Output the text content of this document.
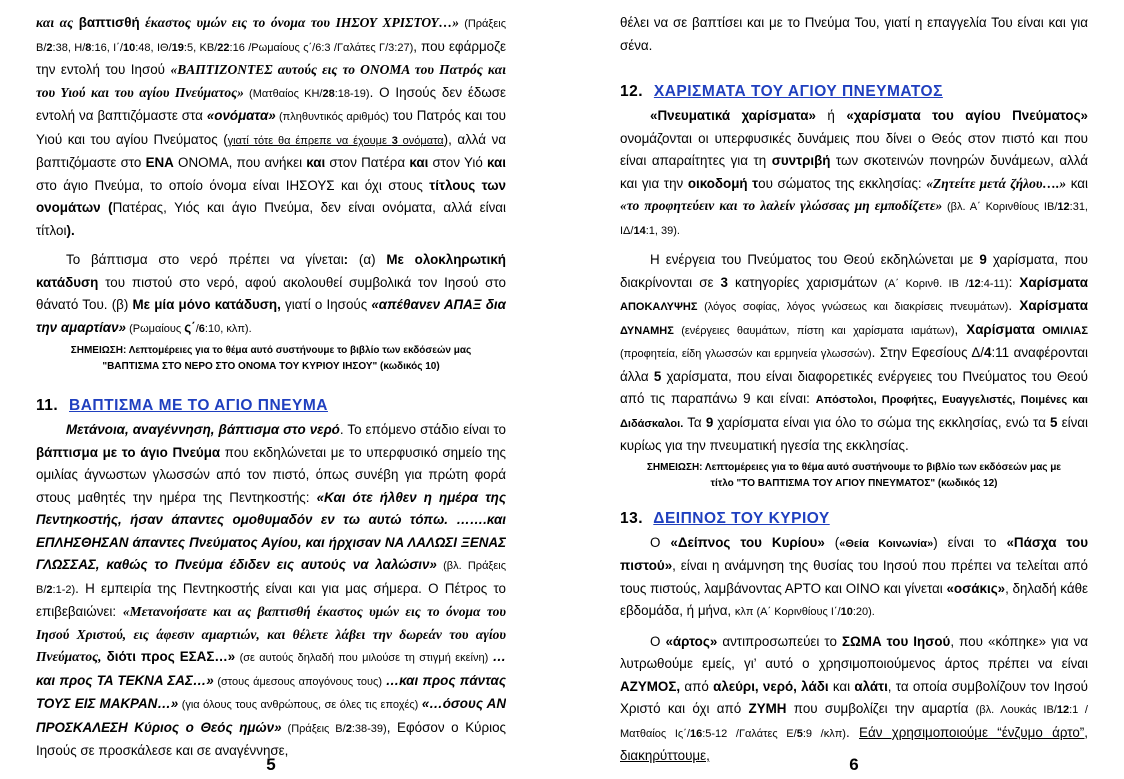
και ας βαπτισθή έκαστος υμών εις το όνομα του ΙΗΣΟΥ ΧΡΙΣΤΟΥ…» (Πράξεις Β/2:38, Η/8:16, Ι΄/10:48, ΙΘ/19:5, ΚΒ/22:16 /Ρωμαίους ς΄/6:3 /Γαλάτες Γ/3:27), που εφάρμοζε την εντολή του Ιησού «ΒΑΠΤΙΖΟΝΤΕΣ αυτούς εις το ΟΝΟΜΑ του Πατρός και του Υιού και του αγίου Πνεύματος» (Ματθαίος ΚΗ/28:18-19). Ο Ιησούς δεν έδωσε εντολή να βαπτιζόμαστε στα «ονόματα» (πληθυντικός αριθμός) του Πατρός και του Υιού και του αγίου Πνεύματος (γιατί τότε θα έπρεπε να έχουμε 3 ονόματα), αλλά να βαπτιζόμαστε στο ΕΝΑ ΟΝΟΜΑ, που ανήκει και στον Πατέρα και στον Υιό και στο άγιο Πνεύμα, το οποίο όνομα είναι ΙΗΣΟΥΣ και όχι στους τίτλους των ονομάτων (Πατέρας, Υιός και άγιο Πνεύμα, δεν είναι ονόματα, αλλά είναι τίτλοι).

Το βάπτισμα στο νερό πρέπει να γίνεται: (α) Με ολοκληρωτική κατάδυση του πιστού στο νερό, αφού ακολουθεί συμβολικά τον Ιησού στο θάνατό Του. (β) Με μία μόνο κατάδυση, γιατί ο Ιησούς «απέθανεν ΑΠΑΞ δια την αμαρτίαν» (Ρωμαίους ς΄/6:10, κλπ).

ΣΗΜΕΙΩΣΗ: Λεπτομέρειες για το θέμα αυτό συστήνουμε το βιβλίο των εκδόσεών μας "ΒΑΠΤΙΣΜΑ ΣΤΟ ΝΕΡΟ ΣΤΟ ΟΝΟΜΑ ΤΟΥ ΚΥΡΙΟΥ ΙΗΣΟΥ" (κωδικός 10)

11. ΒΑΠΤΙΣΜΑ ΜΕ ΤΟ ΑΓΙΟ ΠΝΕΥΜΑ

Μετάνοια, αναγέννηση, βάπτισμα στο νερό. Το επόμενο στάδιο είναι το βάπτισμα με το άγιο Πνεύμα που εκδηλώνεται με το υπερφυσικό σημείο της ομιλίας άγνωστων γλωσσών από τον πιστό, όπως συνέβη για πρώτη φορά στους μαθητές την ημέρα της Πεντηκοστής: «Και ότε ήλθεν η ημέρα της Πεντηκοστής, ήσαν άπαντες ομοθυμαδόν εν τω αυτώ τόπω. …….και ΕΠΛΗΣΘΗΣΑΝ άπαντες Πνεύματος Αγίου, και ήρχισαν ΝΑ ΛΑΛΩΣΙ ΞΕΝΑΣ ΓΛΩΣΣΑΣ, καθώς το Πνεύμα έδιδεν εις αυτούς να λαλώσιν» (βλ. Πράξεις Β/2:1-2). Η εμπειρία της Πεντηκοστής είναι και για μας σήμερα. Ο Πέτρος το επιβεβαιώνει: «Μετανοήσατε και ας βαπτισθή έκαστος υμών εις το όνομα του Ιησού Χριστού, εις άφεσιν αμαρτιών, και θέλετε λάβει την δωρεάν του αγίου Πνεύματος, διότι προς ΕΣΑΣ…» (σε αυτούς δηλαδή που μιλούσε τη στιγμή εκείνη) …και προς ΤΑ ΤΕΚΝΑ ΣΑΣ…» (στους άμεσους απογόνους τους) …και προς πάντας ΤΟΥΣ ΕΙΣ ΜΑΚΡΑΝ…» (για όλους τους ανθρώπους, σε όλες τις εποχές) «…όσους ΑΝ ΠΡΟΣΚΑΛΕΣΗ Κύριος ο Θεός ημών» (Πράξεις Β/2:38-39), Εφόσον ο Κύριος Ιησούς σε προσκάλεσε και σε αναγέννησε,

5

θέλει να σε βαπτίσει και με το Πνεύμα Του, γιατί η επαγγελία Του είναι και για σένα.

12. ΧΑΡΙΣΜΑΤΑ ΤΟΥ ΑΓΙΟΥ ΠΝΕΥΜΑΤΟΣ

«Πνευματικά χαρίσματα» ή «χαρίσματα του αγίου Πνεύματος» ονομάζονται οι υπερφυσικές δυνάμεις που δίνει ο Θεός στον πιστό και που είναι απαραίτητες για τη συντριβή των σκοτεινών πονηρών δυνάμεων, αλλά και για την οικοδομή του σώματος της εκκλησίας: «Ζητείτε μετά ζήλου….» και «το προφητεύειν και το λαλείν γλώσσας μη εμποδίζετε» (βλ. Α΄ Κορινθίους ΙΒ/12:31, ΙΔ/14:1, 39).

Η ενέργεια του Πνεύματος του Θεού εκδηλώνεται με 9 χαρίσματα, που διακρίνονται σε 3 κατηγορίες χαρισμάτων (Α΄ Κορινθ. ΙΒ /12:4-11): Χαρίσματα ΑΠΟΚΑΛΥΨΗΣ (λόγος σοφίας, λόγος γνώσεως και διακρίσεις πνευμάτων). Χαρίσματα ΔΥΝΑΜΗΣ (ενέργειες θαυμάτων, πίστη και χαρίσματα ιαμάτων), Χαρίσματα ΟΜΙΛΙΑΣ (προφητεία, είδη γλωσσών και ερμηνεία γλωσσών). Στην Εφεσίους Δ/4:11 αναφέρονται άλλα 5 χαρίσματα, που είναι διαφορετικές ενέργειες του Πνεύματος του Θεού από τις παραπάνω 9 και είναι: Απόστολοι, Προφήτες, Ευαγγελιστές, Ποιμένες και Διδάσκαλοι. Τα 9 χαρίσματα είναι για όλο το σώμα της εκκλησίας, ενώ τα 5 είναι κυρίως για την πνευματική ηγεσία της εκκλησίας.

ΣΗΜΕΙΩΣΗ: Λεπτομέρειες για το θέμα αυτό συστήνουμε το βιβλίο των εκδόσεών μας με τίτλο "ΤΟ ΒΑΠΤΙΣΜΑ ΤΟΥ ΑΓΙΟΥ ΠΝΕΥΜΑΤΟΣ" (κωδικός 12)

13. ΔΕΙΠΝΟΣ ΤΟΥ ΚΥΡΙΟΥ

Ο «Δείπνος του Κυρίου» («Θεία Κοινωνία») είναι το «Πάσχα του πιστού», είναι η ανάμνηση της θυσίας του Ιησού που πρέπει να τελείται από τους πιστούς, λαμβάνοντας ΑΡΤΟ και ΟΙΝΟ και γίνεται «οσάκις», δηλαδή κάθε εβδομάδα, ή μήνα, κλπ (Α΄ Κορινθίους Ι΄/10:20).

Ο «άρτος» αντιπροσωπεύει το ΣΩΜΑ του Ιησού, που «κόπηκε» για να λυτρωθούμε εμείς, γι’ αυτό ο χρησιμοποιούμενος άρτος πρέπει να είναι ΑΖΥΜΟΣ, από αλεύρι, νερό, λάδι και αλάτι, τα οποία συμβολίζουν τον Ιησού Χριστό και όχι από ΖΥΜΗ που συμβολίζει την αμαρτία (βλ. Λουκάς ΙΒ/12:1 /Ματθαίος Ις΄/16:5-12 /Γαλάτες Ε/5:9 /κλπ). Εάν χρησιμοποιούμε “ένζυμο άρτο”, διακηρύττουμε,	6
